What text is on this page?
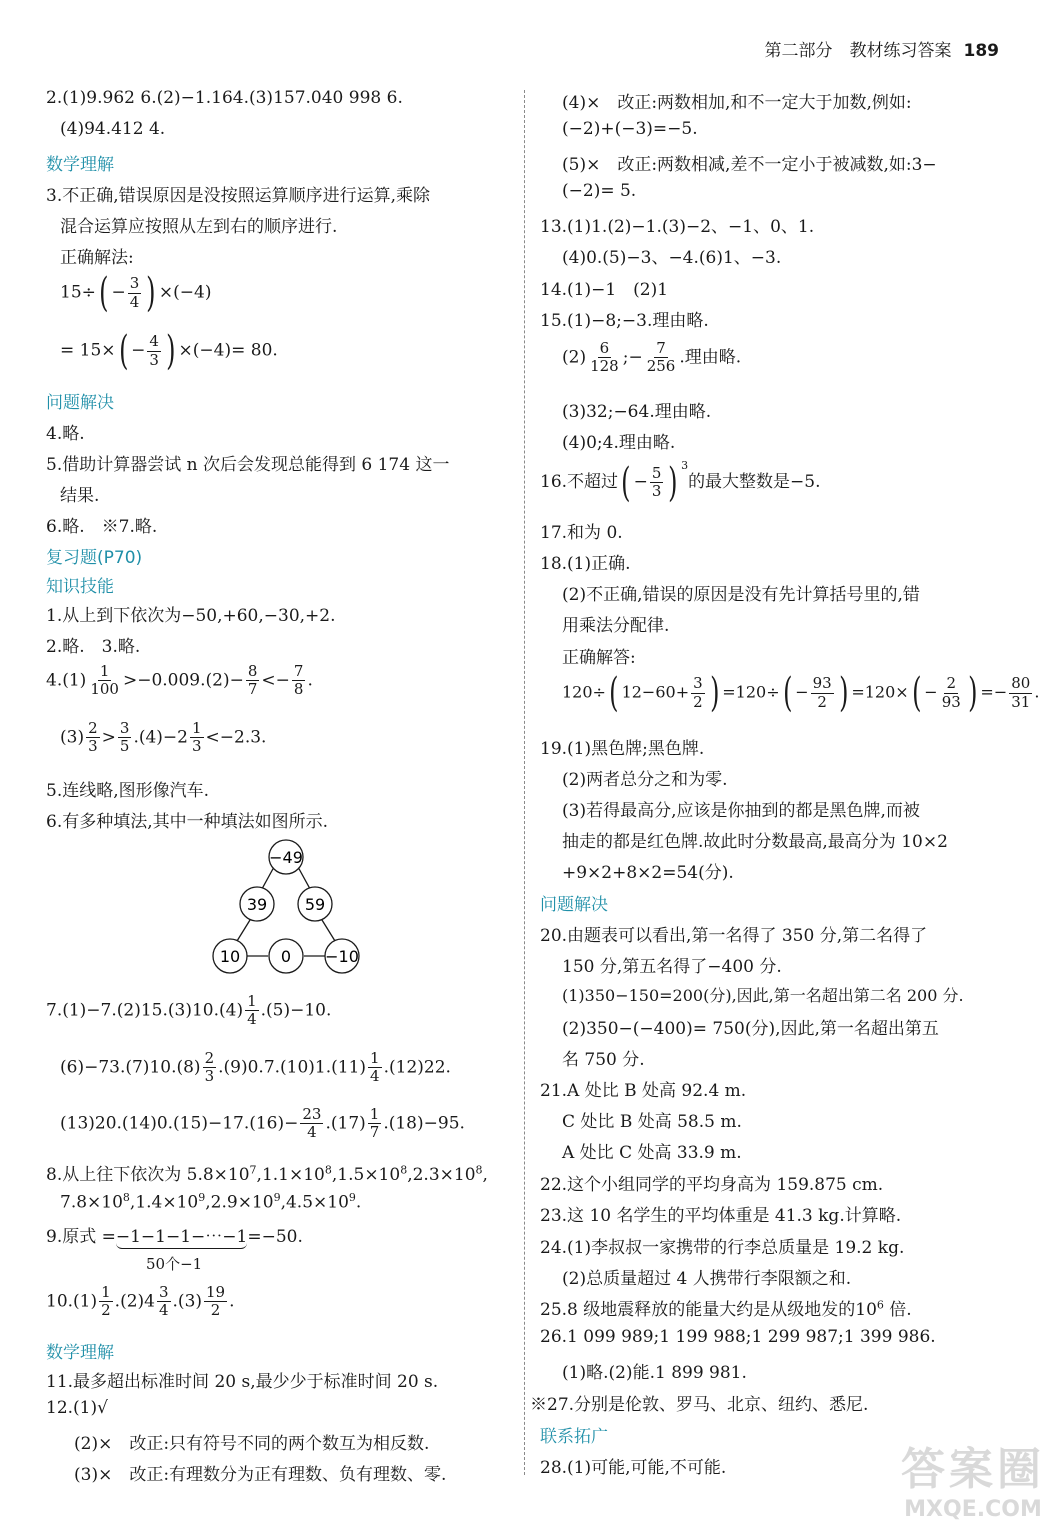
第二部分　教材练习答案 189
2.(1)9.962 6.(2)−1.164.(3)157.040 998 6.
(4)94.412 4.
数学理解
3.不正确,错误原因是没按照运算顺序进行运算,乘除
混合运算应按照从左到右的顺序进行.
正确解法:
$15\div( - \frac{3}{4}$ ) ×(−4)
= $15\times( - \frac{4}{3}$ ) ×(−4)= 80.
问题解决
4.略.
5.借助计算器尝试 n 次后会发现总能得到 6 174 这一
结果.
6.略.　※7.略.
复习题(P70)
知识技能
1.从上到下依次为−50,+60,−30,+2.
2.略.　3.略.
$4.(1) \frac{1}{100} >-0.009.(2)- \frac{8}{7} <- \frac{7}{8}$ .
$(3) \frac{2}{3} > \frac{3}{5} .(4)-2 \frac{1}{3} <-2.3$.
5.连线略,图形像汽车.
6.有多种填法,其中一种填法如图所示.
−49
39 59
10	0 −10
$7.(1)-7.(2)15.(3)10.(4) \frac{1}{4} .(5)-10$.
$(6)-73.(7)10.(8) \frac{2}{3} .(9)0.7.(10)1.(11) \frac{1}{4} .(12)22$.
$(13)20.(14)0.(15)-17.(16)- \frac{23}{4} .(17) \frac{1}{7} .(18)-95$.
8.从上往下依次为 $5.8\times 10^7,1.1\times 10^8,1.5\times 10^8,2.3\times 10^8$,
$7.8\times 10^8,1.4\times 10^9,2.9\times 10^9,4.5\times 10^9$.
9.原式 =−1−1−1−⋯−1=−50.
50个−1
$10.(1) \frac{1}{2} .(2)4 \frac{3}{4} .(3) \frac{19}{2}$ .
数学理解
11.最多超出标准时间 20 s,最少少于标准时间 20 s.
12.(1)√
(2)×　改正:只有符号不同的两个数互为相反数.
(3)×　改正:有理数分为正有理数、负有理数、零.
(4)×　改正:两数相加,和不一定大于加数,例如:
(−2)+(−3)=−5.
(5)×　改正:两数相减,差不一定小于被减数,如:3−
(−2)= 5.
13.(1)1.(2)−1.(3)−2、−1、0、1.
(4)0.(5)−3、−4.(6)1、−3.
14.(1)−1　(2)1
15.(1)−8;−3.理由略.
$(2) \frac{6}{128}$ ;− $\frac{7}{256}$ .理由略.
(3)32;−64.理由略.
(4)0;4.理由略.
16.不超过( − $\frac{5}{3}$ ) $^3$的最大整数是−5.
17.和为 0.
18.(1)正确.
(2)不正确,错误的原因是没有先计算括号里的,错
用乘法分配律.
正确解答:
120÷( $12-60+ \frac{3}{2}$ ) $=120\div( - \frac{93}{2}$ ) $=120\times( - \frac{2}{93}$ ) =− $\frac{80}{31}$ .
19.(1)黑色牌;黑色牌.
(2)两者总分之和为零.
(3)若得最高分,应该是你抽到的都是黑色牌,而被
抽走的都是红色牌.故此时分数最高,最高分为 10×2
+9×2+8×2=54(分).
问题解决
20.由题表可以看出,第一名得了 350 分,第二名得了
150 分,第五名得了−400 分.
(1)350−150=200(分),因此,第一名超出第二名 200 分.
(2)350−(−400)= 750(分),因此,第一名超出第五
名 750 分.
21.A 处比 B 处高 92.4 m.
C 处比 B 处高 58.5 m.
A 处比 C 处高 33.9 m.
22.这个小组同学的平均身高为 159.875 cm.
23.这 10 名学生的平均体重是 41.3 kg.计算略.
24.(1)李叔叔一家携带的行李总质量是 19.2 kg.
(2)总质量超过 4 人携带行李限额之和.
25.8 级地震释放的能量大约是从级地发的$10^6$ 倍.
26.1 099 989;1 199 988;1 299 987;1 399 986.
(1)略.(2)能.1 899 981.
※27.分别是伦敦、罗马、北京、纽约、悉尼.
联系拓广
28.(1)可能,可能,不可能.	答案圈
MXQE.COM
